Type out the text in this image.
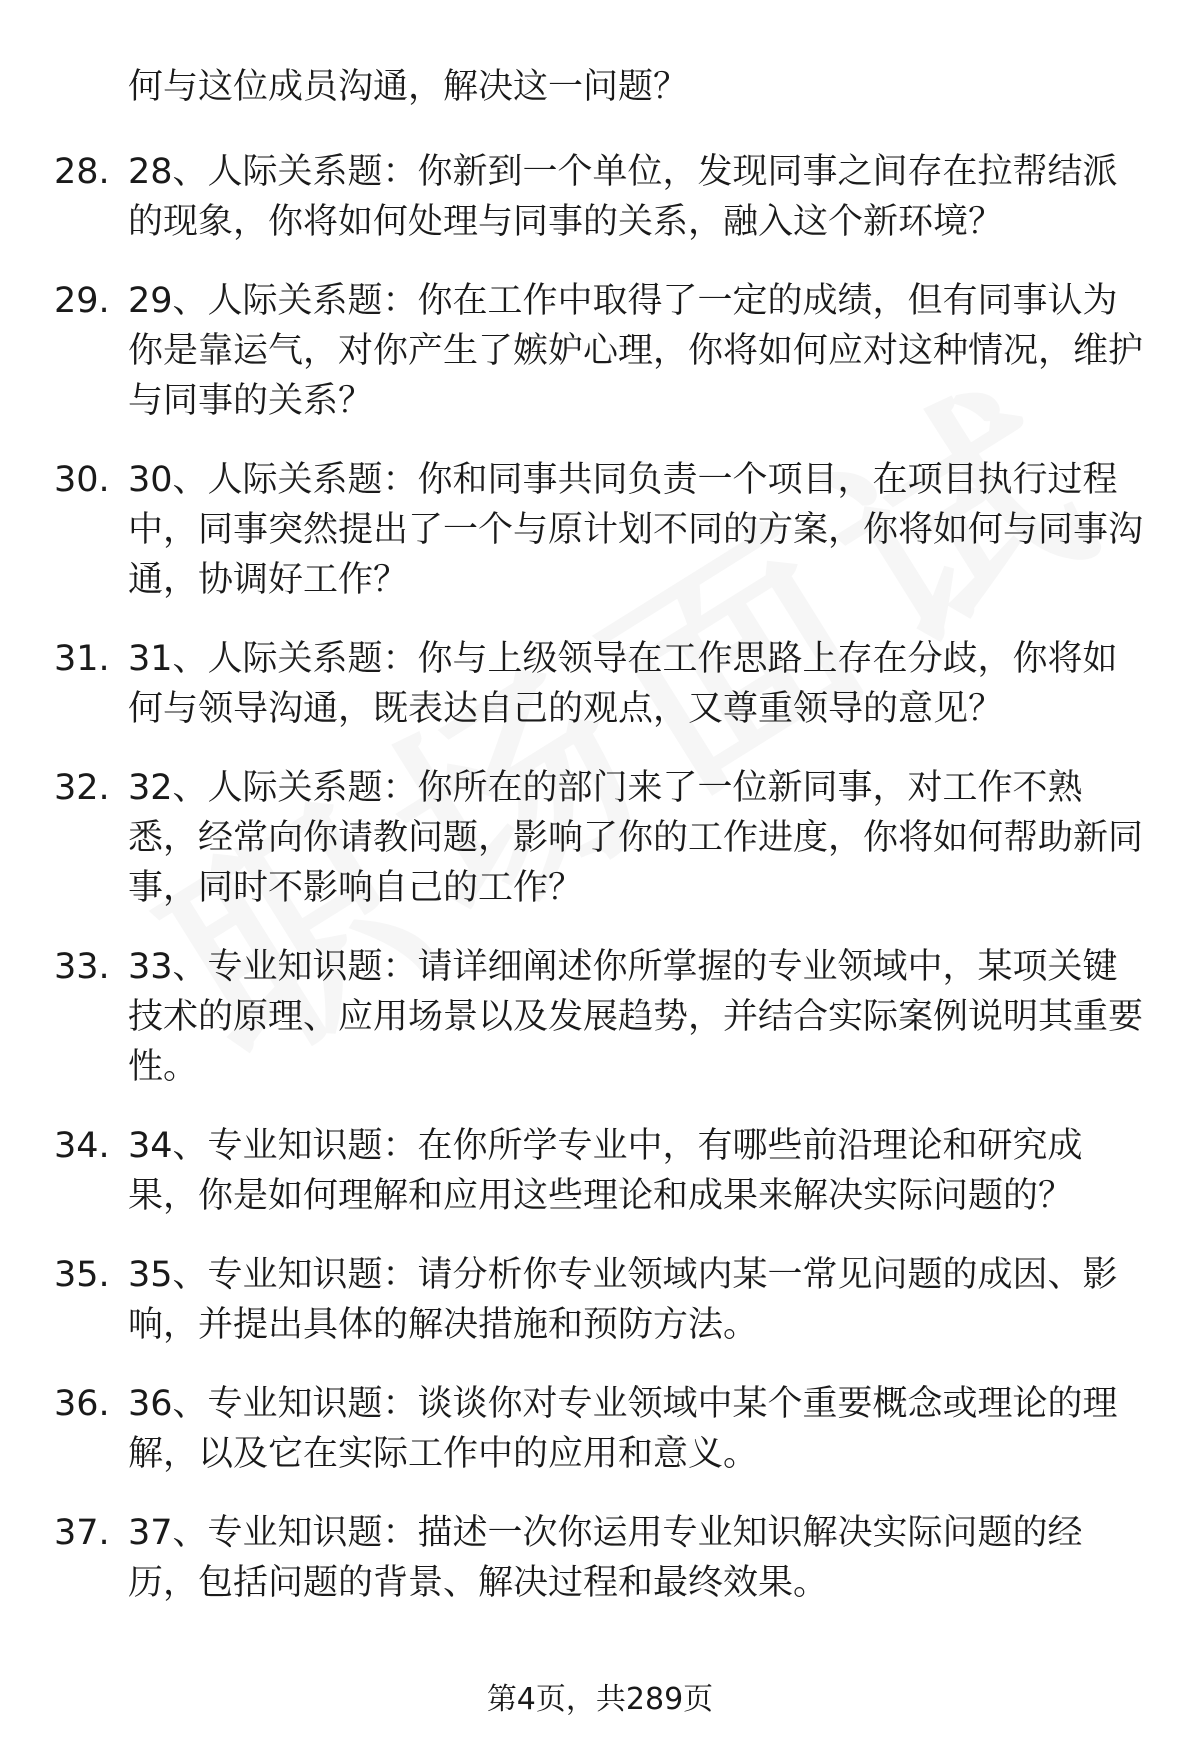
何与这位成员沟通，解决这一问题？
28. 28、人际关系题：你新到一个单位，发现同事之间存在拉帮结派的现象，你将如何处理与同事的关系，融入这个新环境？
29. 29、人际关系题：你在工作中取得了一定的成绩，但有同事认为你是靠运气，对你产生了嫉妒心理，你将如何应对这种情况，维护与同事的关系？
30. 30、人际关系题：你和同事共同负责一个项目，在项目执行过程中，同事突然提出了一个与原计划不同的方案，你将如何与同事沟通，协调好工作？
31. 31、人际关系题：你与上级领导在工作思路上存在分歧，你将如何与领导沟通，既表达自己的观点，又尊重领导的意见？
32. 32、人际关系题：你所在的部门来了一位新同事，对工作不熟悉，经常向你请教问题，影响了你的工作进度，你将如何帮助新同事，同时不影响自己的工作？
33. 33、专业知识题：请详细阐述你所掌握的专业领域中，某项关键技术的原理、应用场景以及发展趋势，并结合实际案例说明其重要性。
34. 34、专业知识题：在你所学专业中，有哪些前沿理论和研究成果，你是如何理解和应用这些理论和成果来解决实际问题的？
35. 35、专业知识题：请分析你专业领域内某一常见问题的成因、影响，并提出具体的解决措施和预防方法。
36. 36、专业知识题：谈谈你对专业领域中某个重要概念或理论的理解，以及它在实际工作中的应用和意义。
37. 37、专业知识题：描述一次你运用专业知识解决实际问题的经历，包括问题的背景、解决过程和最终效果。
第4页，共289页
